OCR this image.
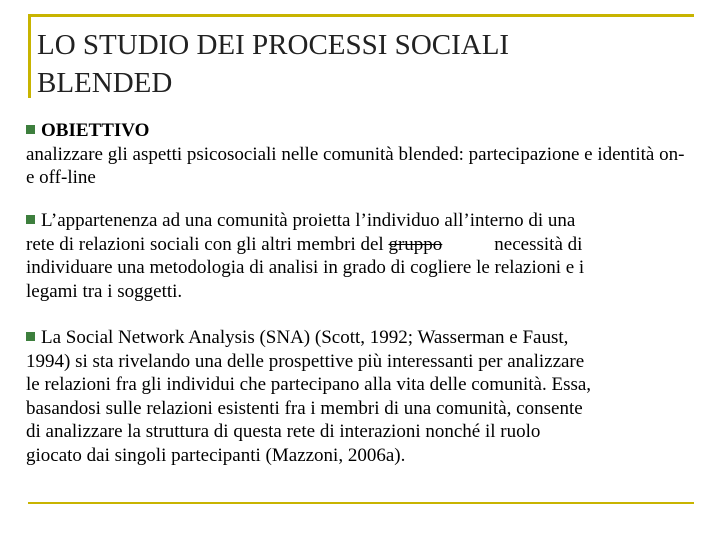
LO STUDIO DEI PROCESSI SOCIALI
BLENDED
OBIETTIVO
analizzare gli aspetti psicosociali nelle comunità blended: partecipazione e identità on- e off-line
L’appartenenza ad una comunità proietta l’individuo all’interno di una
rete di relazioni sociali con gli altri membri del gruppo	necessità di
individuare una metodologia di analisi in grado di cogliere le relazioni e i
legami tra i soggetti.
La Social Network Analysis (SNA) (Scott, 1992; Wasserman e Faust,
1994) si sta rivelando una delle prospettive più interessanti per analizzare
le relazioni fra gli individui che partecipano alla vita delle comunità. Essa,
basandosi sulle relazioni esistenti fra i membri di una comunità, consente
di analizzare la struttura di questa rete di interazioni nonché il ruolo
giocato dai singoli partecipanti (Mazzoni, 2006a).
